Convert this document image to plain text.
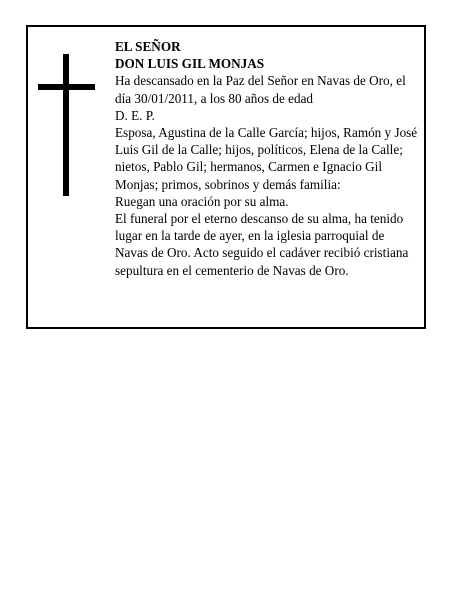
EL SEÑOR

DON LUIS GIL MONJAS

Ha descansado en la Paz del Señor en Navas de Oro, el día 30/01/2011, a los 80 años de edad

D. E. P.

Esposa, Agustina de la Calle García; hijos, Ramón y José Luis Gil de la Calle; hijos, políticos, Elena de la Calle; nietos, Pablo Gil; hermanos, Carmen e Ignacio Gil Monjas; primos, sobrinos y demás familia:

Ruegan una oración por su alma.

El funeral por el eterno descanso de su alma, ha tenido lugar en la tarde de ayer, en la iglesia parroquial de Navas de Oro. Acto seguido el cadáver recibió cristiana sepultura en el cementerio de Navas de Oro.
